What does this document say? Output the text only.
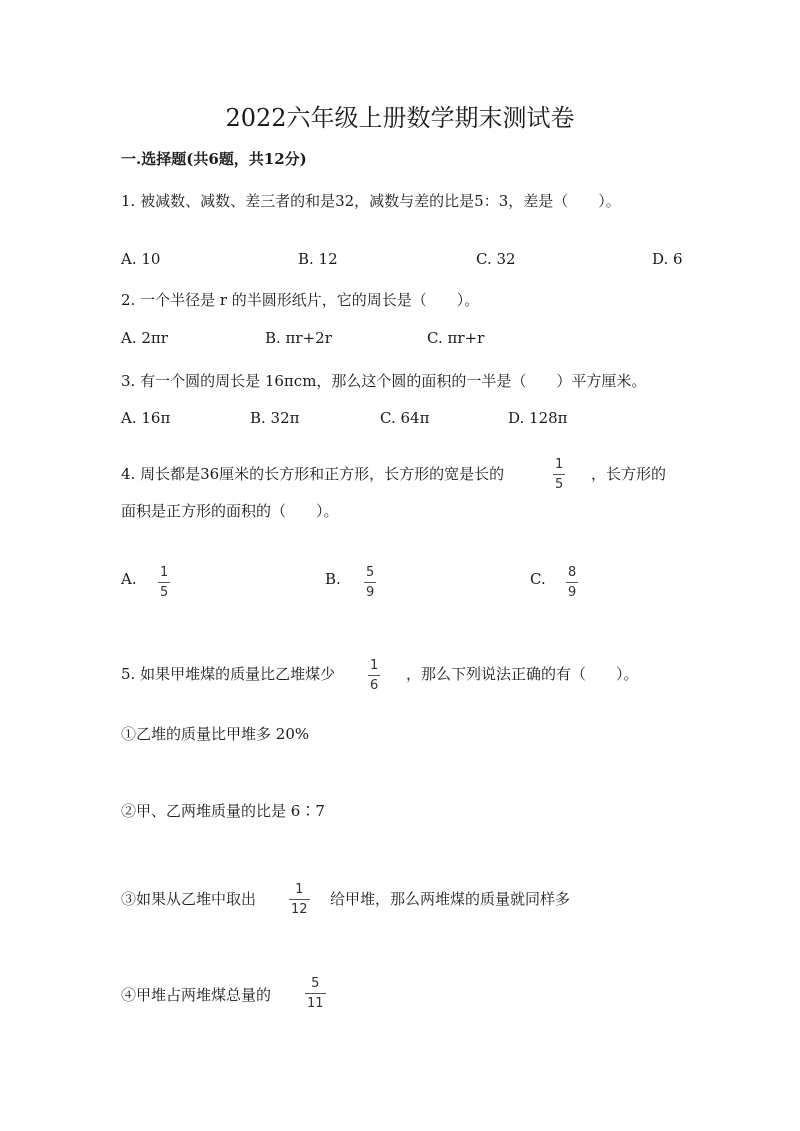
2022六年级上册数学期末测试卷
一.选择题(共6题，共12分)
1. 被减数、减数、差三者的和是32，减数与差的比是5：3，差是（　　）。
A. 10	B. 12	C. 32	D. 6
2. 一个半径是 r 的半圆形纸片，它的周长是（　　）。
A. 2πr	B. πr+2r	C. πr+r
3. 有一个圆的周长是 16πcm，那么这个圆的面积的一半是（　　）平方厘米。
A. 16π	B. 32π	C. 64π	D. 128π
4. 周长都是36厘米的长方形和正方形，长方形的宽是长的
1
5
，长方形的
面积是正方形的面积的（　　）。
A. 1
5
B. 5
9
C. 8
9
5. 如果甲堆煤的质量比乙堆煤少	1
6
，那么下列说法正确的有（　　）。
①乙堆的质量比甲堆多 20%
②甲、乙两堆质量的比是 6∶7
③如果从乙堆中取出
1
12
给甲堆，那么两堆煤的质量就同样多
④甲堆占两堆煤总量的
5
11
